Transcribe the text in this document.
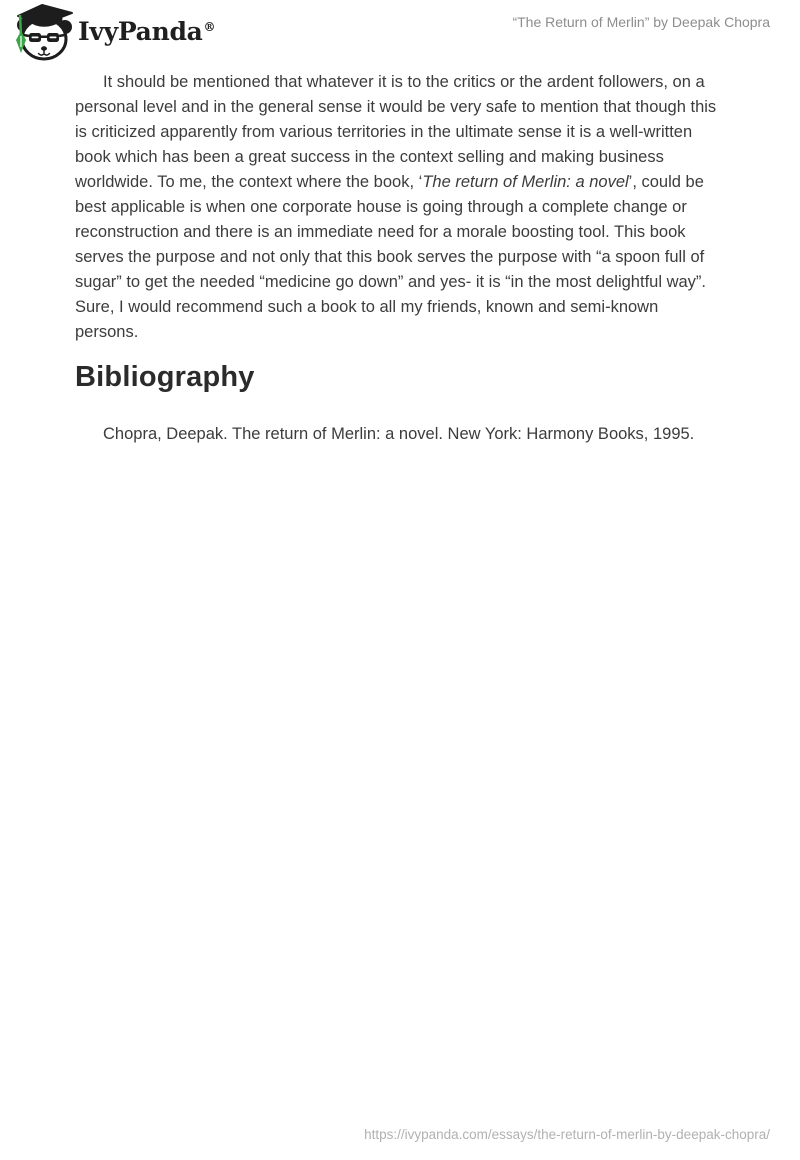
IvyPanda®	“The Return of Merlin” by Deepak Chopra

It should be mentioned that whatever it is to the critics or the ardent followers, on a personal level and in the general sense it would be very safe to mention that though this is criticized apparently from various territories in the ultimate sense it is a well-written book which has been a great success in the context selling and making business worldwide. To me, the context where the book, ‘The return of Merlin: a novel’, could be best applicable is when one corporate house is going through a complete change or reconstruction and there is an immediate need for a morale boosting tool. This book serves the purpose and not only that this book serves the purpose with “a spoon full of sugar” to get the needed “medicine go down” and yes- it is “in the most delightful way”. Sure, I would recommend such a book to all my friends, known and semi-known persons.

Bibliography

Chopra, Deepak. The return of Merlin: a novel. New York: Harmony Books, 1995.

https://ivypanda.com/essays/the-return-of-merlin-by-deepak-chopra/
